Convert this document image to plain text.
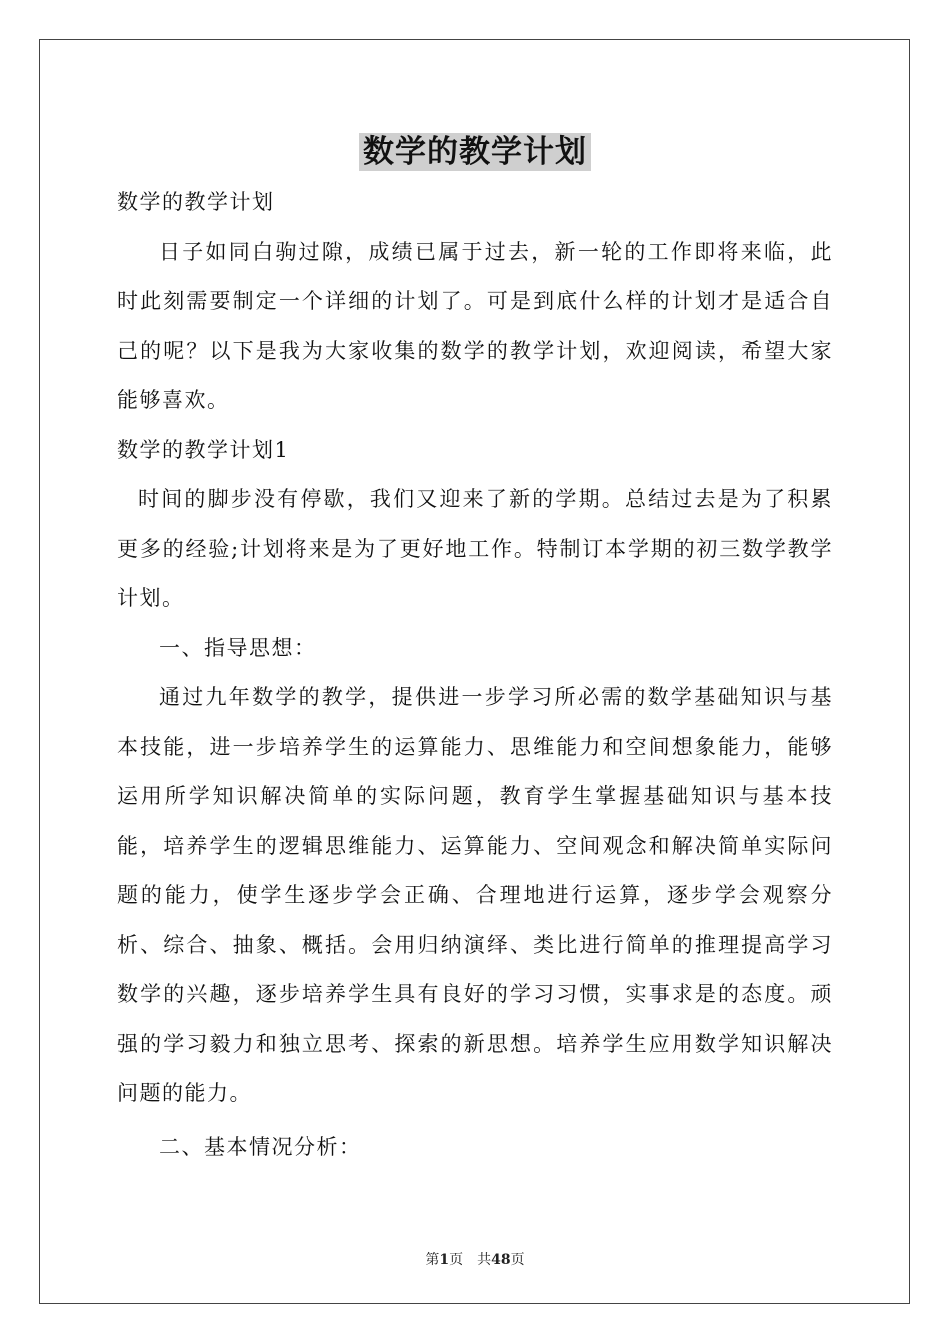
数学的教学计划

数学的教学计划

日子如同白驹过隙，成绩已属于过去，新一轮的工作即将来临，此时此刻需要制定一个详细的计划了。可是到底什么样的计划才是适合自己的呢？以下是我为大家收集的数学的教学计划，欢迎阅读，希望大家能够喜欢。

数学的教学计划1

时间的脚步没有停歇，我们又迎来了新的学期。总结过去是为了积累更多的经验;计划将来是为了更好地工作。特制订本学期的初三数学教学计划。

一、指导思想：

通过九年数学的教学，提供进一步学习所必需的数学基础知识与基本技能，进一步培养学生的运算能力、思维能力和空间想象能力，能够运用所学知识解决简单的实际问题，教育学生掌握基础知识与基本技能，培养学生的逻辑思维能力、运算能力、空间观念和解决简单实际问题的能力，使学生逐步学会正确、合理地进行运算，逐步学会观察分析、综合、抽象、概括。会用归纳演绎、类比进行简单的推理提高学习数学的兴趣，逐步培养学生具有良好的学习习惯，实事求是的态度。顽强的学习毅力和独立思考、探索的新思想。培养学生应用数学知识解决问题的能力。

二、基本情况分析：

第1页　共48页
